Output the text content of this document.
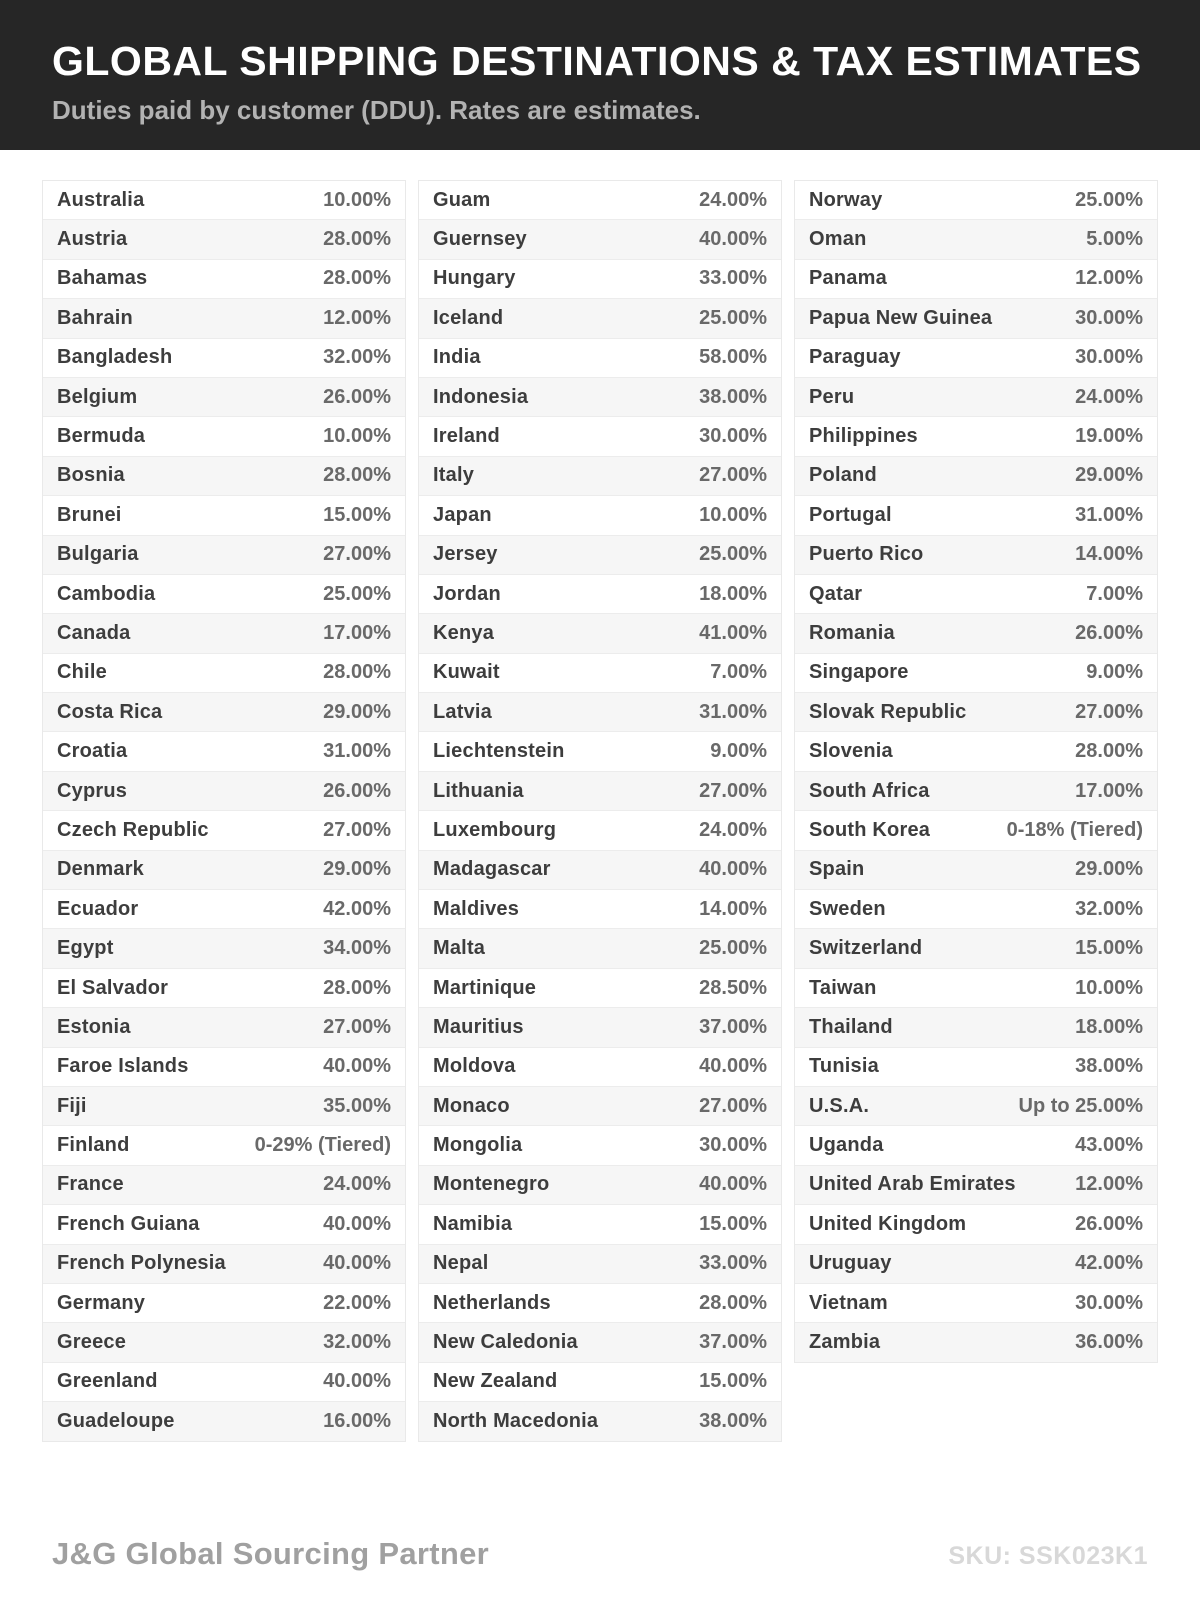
GLOBAL SHIPPING DESTINATIONS & TAX ESTIMATES
Duties paid by customer (DDU). Rates are estimates.
Australia	10.00%
Austria	28.00%
Bahamas	28.00%
Bahrain	12.00%
Bangladesh	32.00%
Belgium	26.00%
Bermuda	10.00%
Bosnia	28.00%
Brunei	15.00%
Bulgaria	27.00%
Cambodia	25.00%
Canada	17.00%
Chile	28.00%
Costa Rica	29.00%
Croatia	31.00%
Cyprus	26.00%
Czech Republic	27.00%
Denmark	29.00%
Ecuador	42.00%
Egypt	34.00%
El Salvador	28.00%
Estonia	27.00%
Faroe Islands	40.00%
Fiji	35.00%
Finland	0-29% (Tiered)
France	24.00%
French Guiana	40.00%
French Polynesia	40.00%
Germany	22.00%
Greece	32.00%
Greenland	40.00%
Guadeloupe	16.00%
Guam	24.00%
Guernsey	40.00%
Hungary	33.00%
Iceland	25.00%
India	58.00%
Indonesia	38.00%
Ireland	30.00%
Italy	27.00%
Japan	10.00%
Jersey	25.00%
Jordan	18.00%
Kenya	41.00%
Kuwait	7.00%
Latvia	31.00%
Liechtenstein	9.00%
Lithuania	27.00%
Luxembourg	24.00%
Madagascar	40.00%
Maldives	14.00%
Malta	25.00%
Martinique	28.50%
Mauritius	37.00%
Moldova	40.00%
Monaco	27.00%
Mongolia	30.00%
Montenegro	40.00%
Namibia	15.00%
Nepal	33.00%
Netherlands	28.00%
New Caledonia	37.00%
New Zealand	15.00%
North Macedonia	38.00%
Norway	25.00%
Oman	5.00%
Panama	12.00%
Papua New Guinea	30.00%
Paraguay	30.00%
Peru	24.00%
Philippines	19.00%
Poland	29.00%
Portugal	31.00%
Puerto Rico	14.00%
Qatar	7.00%
Romania	26.00%
Singapore	9.00%
Slovak Republic	27.00%
Slovenia	28.00%
South Africa	17.00%
South Korea	0-18% (Tiered)
Spain	29.00%
Sweden	32.00%
Switzerland	15.00%
Taiwan	10.00%
Thailand	18.00%
Tunisia	38.00%
U.S.A.	Up to 25.00%
Uganda	43.00%
United Arab Emirates	12.00%
United Kingdom	26.00%
Uruguay	42.00%
Vietnam	30.00%
Zambia	36.00%
J&G Global Sourcing Partner	SKU: SSK023K1
